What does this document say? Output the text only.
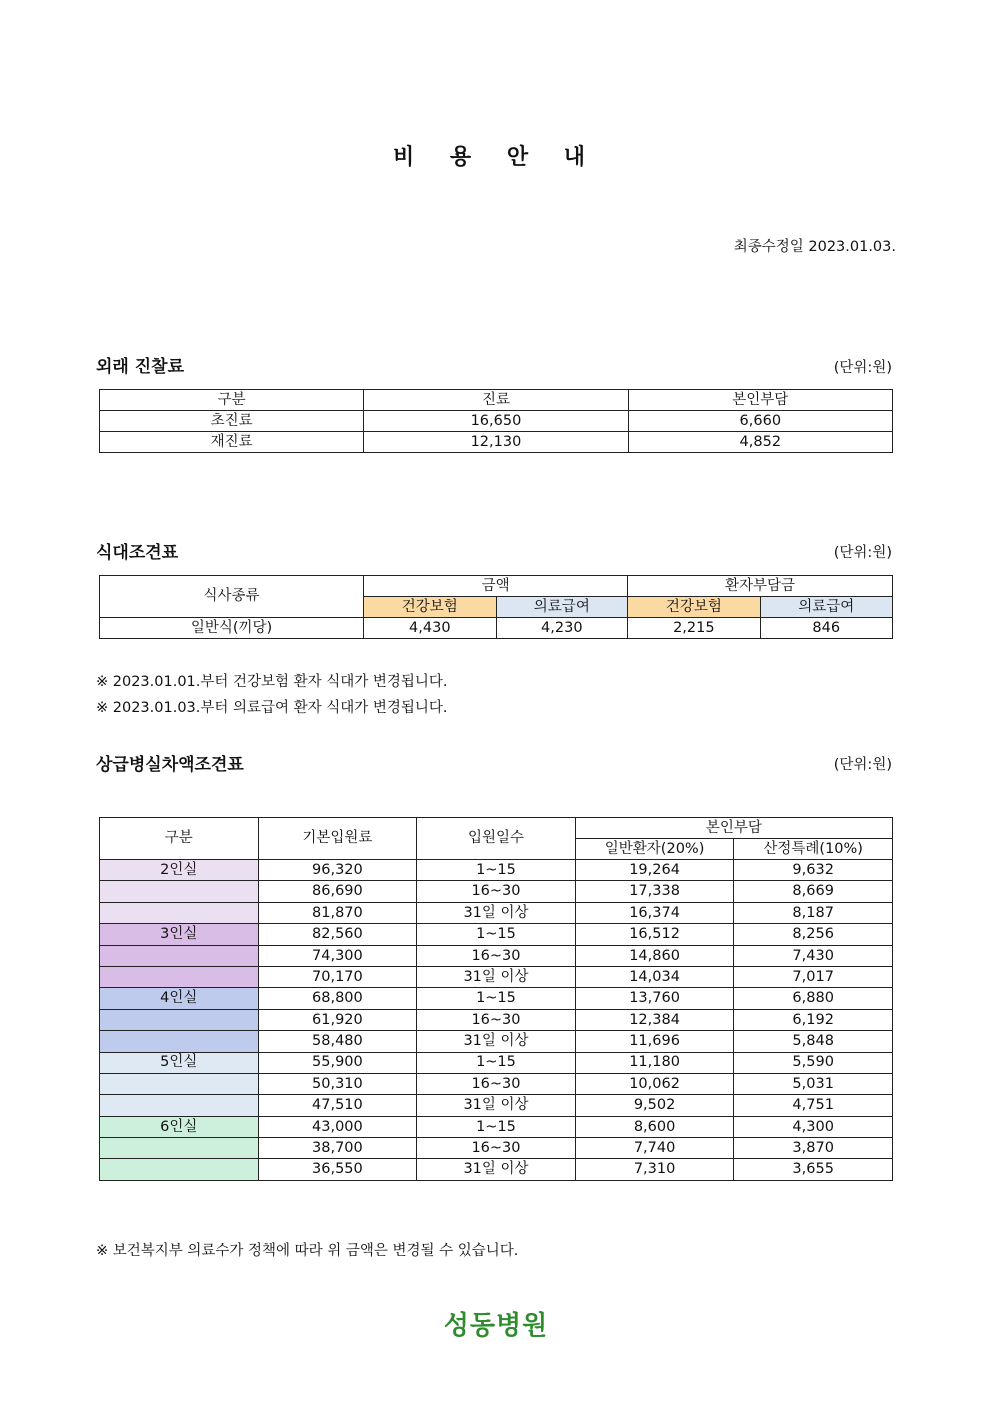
비 용 안 내
최종수정일 2023.01.03.
외래 진찰료	(단위:원)
구분	진료	본인부담
초진료	16,650	6,660
재진료	12,130	4,852
식대조견표	(단위:원)
식사종류	금액		환자부담금	
	건강보험	의료급여	건강보험	의료급여
일반식(끼당)	4,430	4,230	2,215	846
※ 2023.01.01.부터 건강보험 환자 식대가 변경됩니다.
※ 2023.01.03.부터 의료급여 환자 식대가 변경됩니다.
상급병실차액조견표	(단위:원)
구분	기본입원료	입원일수	본인부담	
			일반환자(20%)	산정특례(10%)
2인실	96,320	1~15	19,264	9,632
	86,690	16~30	17,338	8,669
	81,870	31일 이상	16,374	8,187
3인실	82,560	1~15	16,512	8,256
	74,300	16~30	14,860	7,430
	70,170	31일 이상	14,034	7,017
4인실	68,800	1~15	13,760	6,880
	61,920	16~30	12,384	6,192
	58,480	31일 이상	11,696	5,848
5인실	55,900	1~15	11,180	5,590
	50,310	16~30	10,062	5,031
	47,510	31일 이상	9,502	4,751
6인실	43,000	1~15	8,600	4,300
	38,700	16~30	7,740	3,870
	36,550	31일 이상	7,310	3,655
※ 보건복지부 의료수가 정책에 따라 위 금액은 변경될 수 있습니다.
성동병원
